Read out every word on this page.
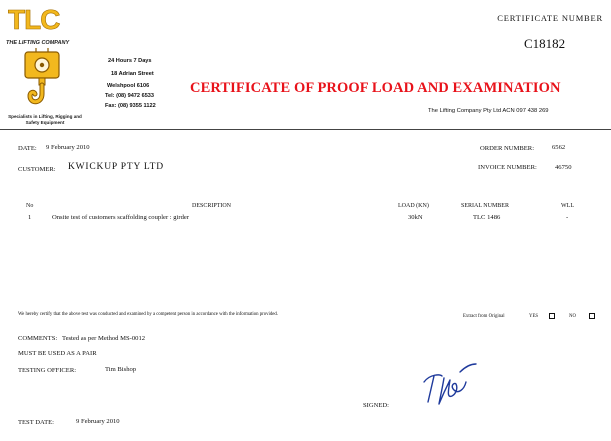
TLC
THE LIFTING COMPANY
Specialists in Lifting, Rigging and Safety Equipment
24 Hours 7 Days
18 Adrian Street
Welshpool 6106
Tel: (08) 9472 6533
Fax: (08) 9355 1122
CERTIFICATE NUMBER
C18182
CERTIFICATE OF PROOF LOAD AND EXAMINATION
The Lifting Company Pty Ltd ACN 097 438 269
DATE: 9 February 2010	ORDER NUMBER:	6562
CUSTOMER: KWICKUP PTY LTD	INVOICE NUMBER:	46750
No	DESCRIPTION	LOAD (KN)	SERIAL NUMBER	WLL
1	Onsite test of customers scaffolding coupler : girder	30kN	TLC 1486	-
We hereby certify that the above test was conducted and examined by a competent person in accordance with the information provided.	Extract from Original	YES	NO
COMMENTS: Tested as per Method MS-0012
MUST BE USED AS A PAIR
TESTING OFFICER:	Tim Bishop
SIGNED:
TEST DATE:	9 February 2010
